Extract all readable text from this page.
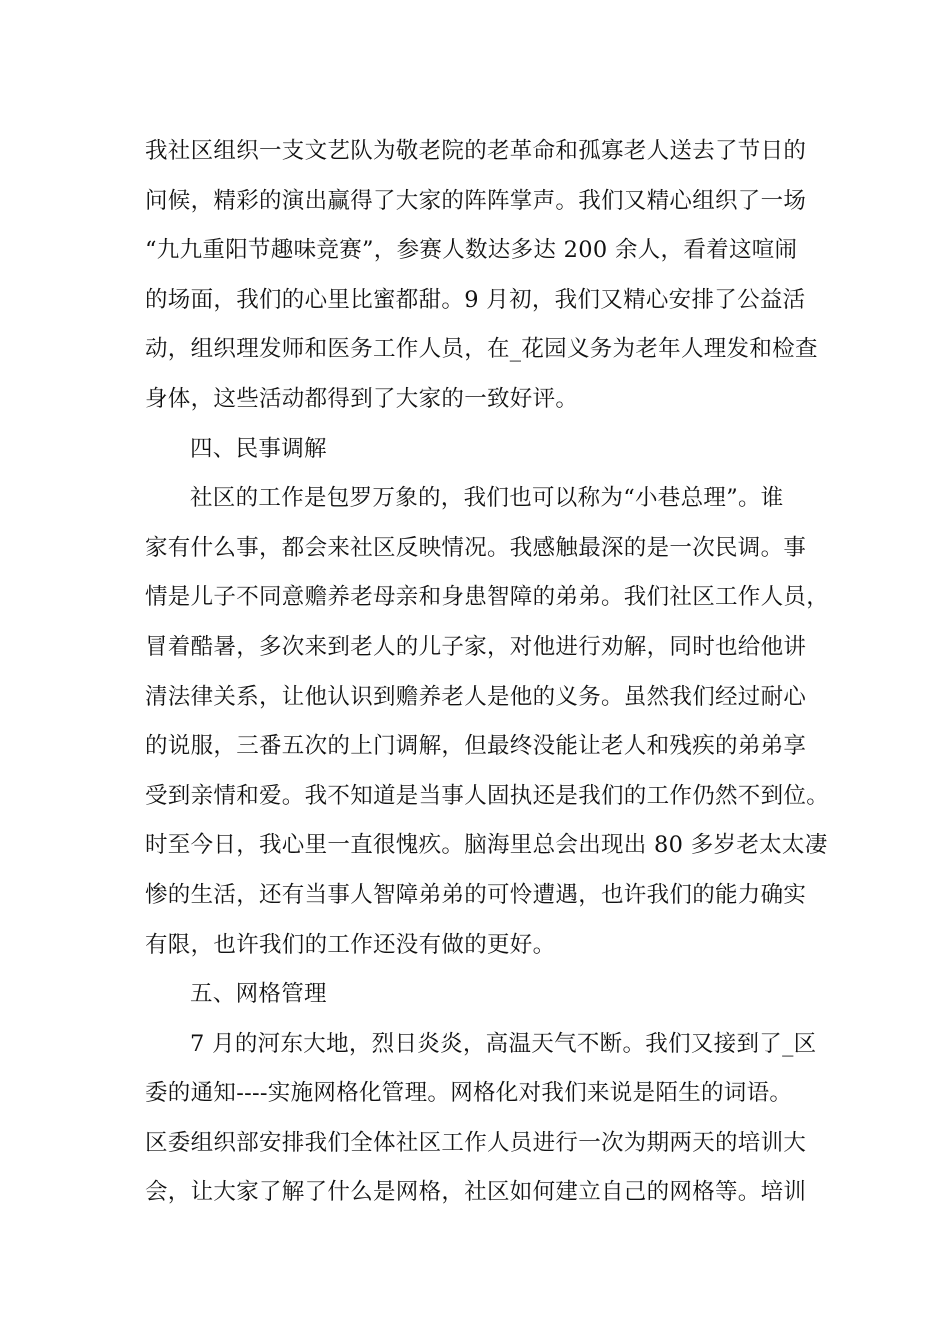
我社区组织一支文艺队为敬老院的老革命和孤寡老人送去了节日的
问候，精彩的演出赢得了大家的阵阵掌声。我们又精心组织了一场
“九九重阳节趣味竞赛”，参赛人数达多达 200 余人，看着这喧闹
的场面，我们的心里比蜜都甜。9 月初，我们又精心安排了公益活
动，组织理发师和医务工作人员，在_花园义务为老年人理发和检查
身体，这些活动都得到了大家的一致好评。
四、民事调解
社区的工作是包罗万象的，我们也可以称为“小巷总理”。谁
家有什么事，都会来社区反映情况。我感触最深的是一次民调。事
情是儿子不同意赡养老母亲和身患智障的弟弟。我们社区工作人员，
冒着酷暑，多次来到老人的儿子家，对他进行劝解，同时也给他讲
清法律关系，让他认识到赡养老人是他的义务。虽然我们经过耐心
的说服，三番五次的上门调解，但最终没能让老人和残疾的弟弟享
受到亲情和爱。我不知道是当事人固执还是我们的工作仍然不到位。
时至今日，我心里一直很愧疚。脑海里总会出现出 80 多岁老太太凄
惨的生活，还有当事人智障弟弟的可怜遭遇，也许我们的能力确实
有限，也许我们的工作还没有做的更好。
五、网格管理
7 月的河东大地，烈日炎炎，高温天气不断。我们又接到了_区
委的通知----实施网格化管理。网格化对我们来说是陌生的词语。
区委组织部安排我们全体社区工作人员进行一次为期两天的培训大
会，让大家了解了什么是网格，社区如何建立自己的网格等。培训
